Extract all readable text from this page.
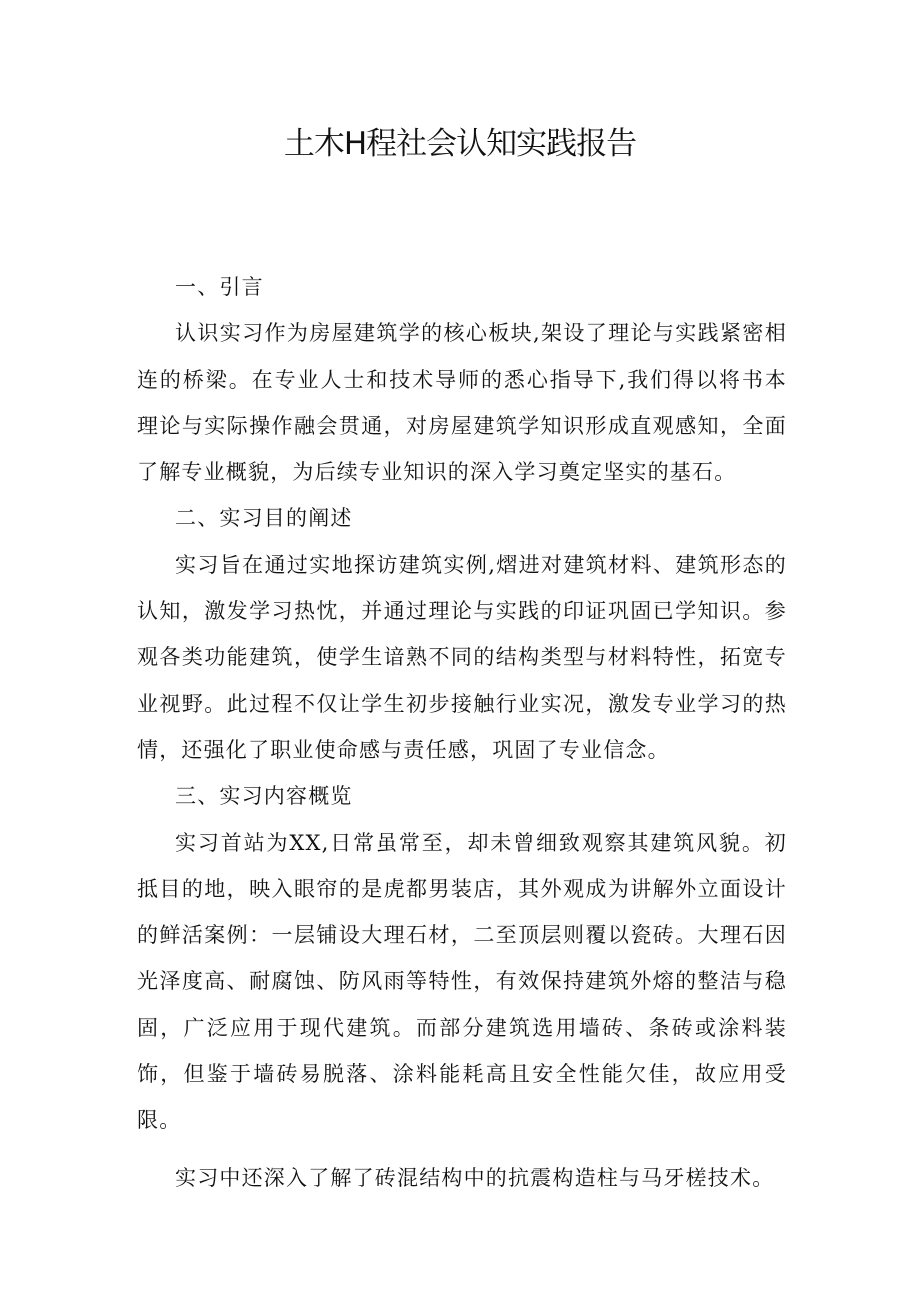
土木H程社会认知实践报告
一、引言
认识实习作为房屋建筑学的核心板块,架设了理论与实践紧密相连的桥梁。在专业人士和技术导师的悉心指导下,我们得以将书本理论与实际操作融会贯通，对房屋建筑学知识形成直观感知，全面了解专业概貌，为后续专业知识的深入学习奠定坚实的基石。
二、实习目的阐述
实习旨在通过实地探访建筑实例,熠进对建筑材料、建筑形态的认知，激发学习热忱，并通过理论与实践的印证巩固已学知识。参观各类功能建筑，使学生谙熟不同的结构类型与材料特性，拓宽专业视野。此过程不仅让学生初步接触行业实况，激发专业学习的热情，还强化了职业使命感与责任感，巩固了专业信念。
三、实习内容概览
实习首站为XX,日常虽常至，却未曾细致观察其建筑风貌。初抵目的地，映入眼帘的是虎都男装店，其外观成为讲解外立面设计的鲜活案例：一层铺设大理石材，二至顶层则覆以瓷砖。大理石因光泽度高、耐腐蚀、防风雨等特性，有效保持建筑外熔的整洁与稳固，广泛应用于现代建筑。而部分建筑选用墙砖、条砖或涂料装饰，但鉴于墙砖易脱落、涂料能耗高且安全性能欠佳，故应用受限。
实习中还深入了解了砖混结构中的抗震构造柱与马牙槎技术。
